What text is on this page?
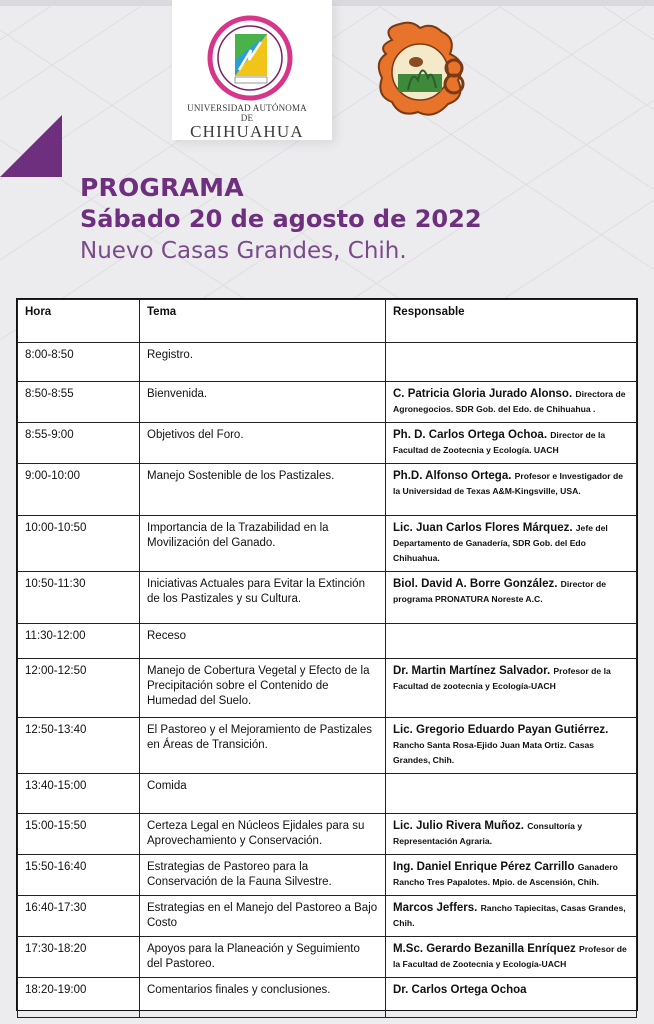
UNIVERSIDAD AUTÓNOMA DE
CHIHUAHUA
PROGRAMA
Sábado 20 de agosto de 2022
Nuevo Casas Grandes, Chih.
Hora	Tema	Responsable
8:00-8:50	Registro.	
8:50-8:55	Bienvenida.	C. Patricia Gloria Jurado Alonso. Directora de Agronegocios. SDR Gob. del Edo. de Chihuahua .
8:55-9:00	Objetivos del Foro.	Ph. D. Carlos Ortega Ochoa. Director de la Facultad de Zootecnia y Ecología. UACH
9:00-10:00	Manejo Sostenible de los Pastizales.	Ph.D. Alfonso Ortega. Profesor e Investigador de la Universidad de Texas A&M-Kingsville, USA.
10:00-10:50	Importancia de la Trazabilidad en la Movilización del Ganado.	Lic. Juan Carlos Flores Márquez. Jefe del Departamento de Ganadería, SDR Gob. del Edo Chihuahua.
10:50-11:30	Iniciativas Actuales para Evitar la Extinción de los Pastizales y su Cultura.	Biol. David A. Borre González. Director de programa PRONATURA Noreste A.C.
11:30-12:00	Receso	
12:00-12:50	Manejo de Cobertura Vegetal y Efecto de la Precipitación sobre el Contenido de Humedad del Suelo.	Dr. Martin Martínez Salvador. Profesor de la Facultad de zootecnia y Ecología-UACH
12:50-13:40	El Pastoreo y el Mejoramiento de Pastizales en Áreas de Transición.	Lic. Gregorio Eduardo Payan Gutiérrez. Rancho Santa Rosa-Ejido Juan Mata Ortiz. Casas Grandes, Chih.
13:40-15:00	Comida	
15:00-15:50	Certeza Legal en Núcleos Ejidales para su Aprovechamiento y Conservación.	Lic. Julio Rivera Muñoz. Consultoría y Representación Agraria.
15:50-16:40	Estrategias de Pastoreo para la Conservación de la Fauna Silvestre.	Ing. Daniel Enrique Pérez Carrillo Ganadero Rancho Tres Papalotes. Mpio. de Ascensión, Chih.
16:40-17:30	Estrategias en el Manejo del Pastoreo a Bajo Costo	Marcos Jeffers. Rancho Tapiecitas, Casas Grandes, Chih.
17:30-18:20	Apoyos para la Planeación y Seguimiento del Pastoreo.	M.Sc. Gerardo Bezanilla Enríquez Profesor de la Facultad de Zootecnia y Ecología-UACH
18:20-19:00	Comentarios finales y conclusiones.	Dr. Carlos Ortega Ochoa
